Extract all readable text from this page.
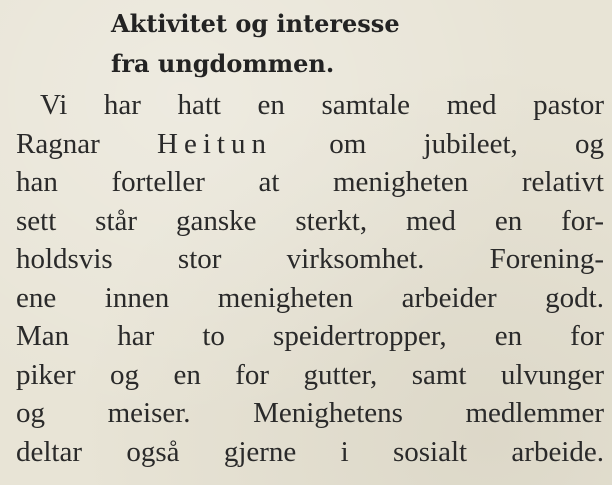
Aktivitet og interesse
fra ungdommen.
Vi har hatt en samtale med pastor
Ragnar Heitun om jubileet, og
han forteller at menigheten relativt
sett står ganske sterkt, med en for-
holdsvis stor virksomhet. Forening-
ene innen menigheten arbeider godt.
Man har to speidertropper, en for
piker og en for gutter, samt ulvunger
og meiser. Menighetens medlemmer
deltar også gjerne i sosialt arbeide.
